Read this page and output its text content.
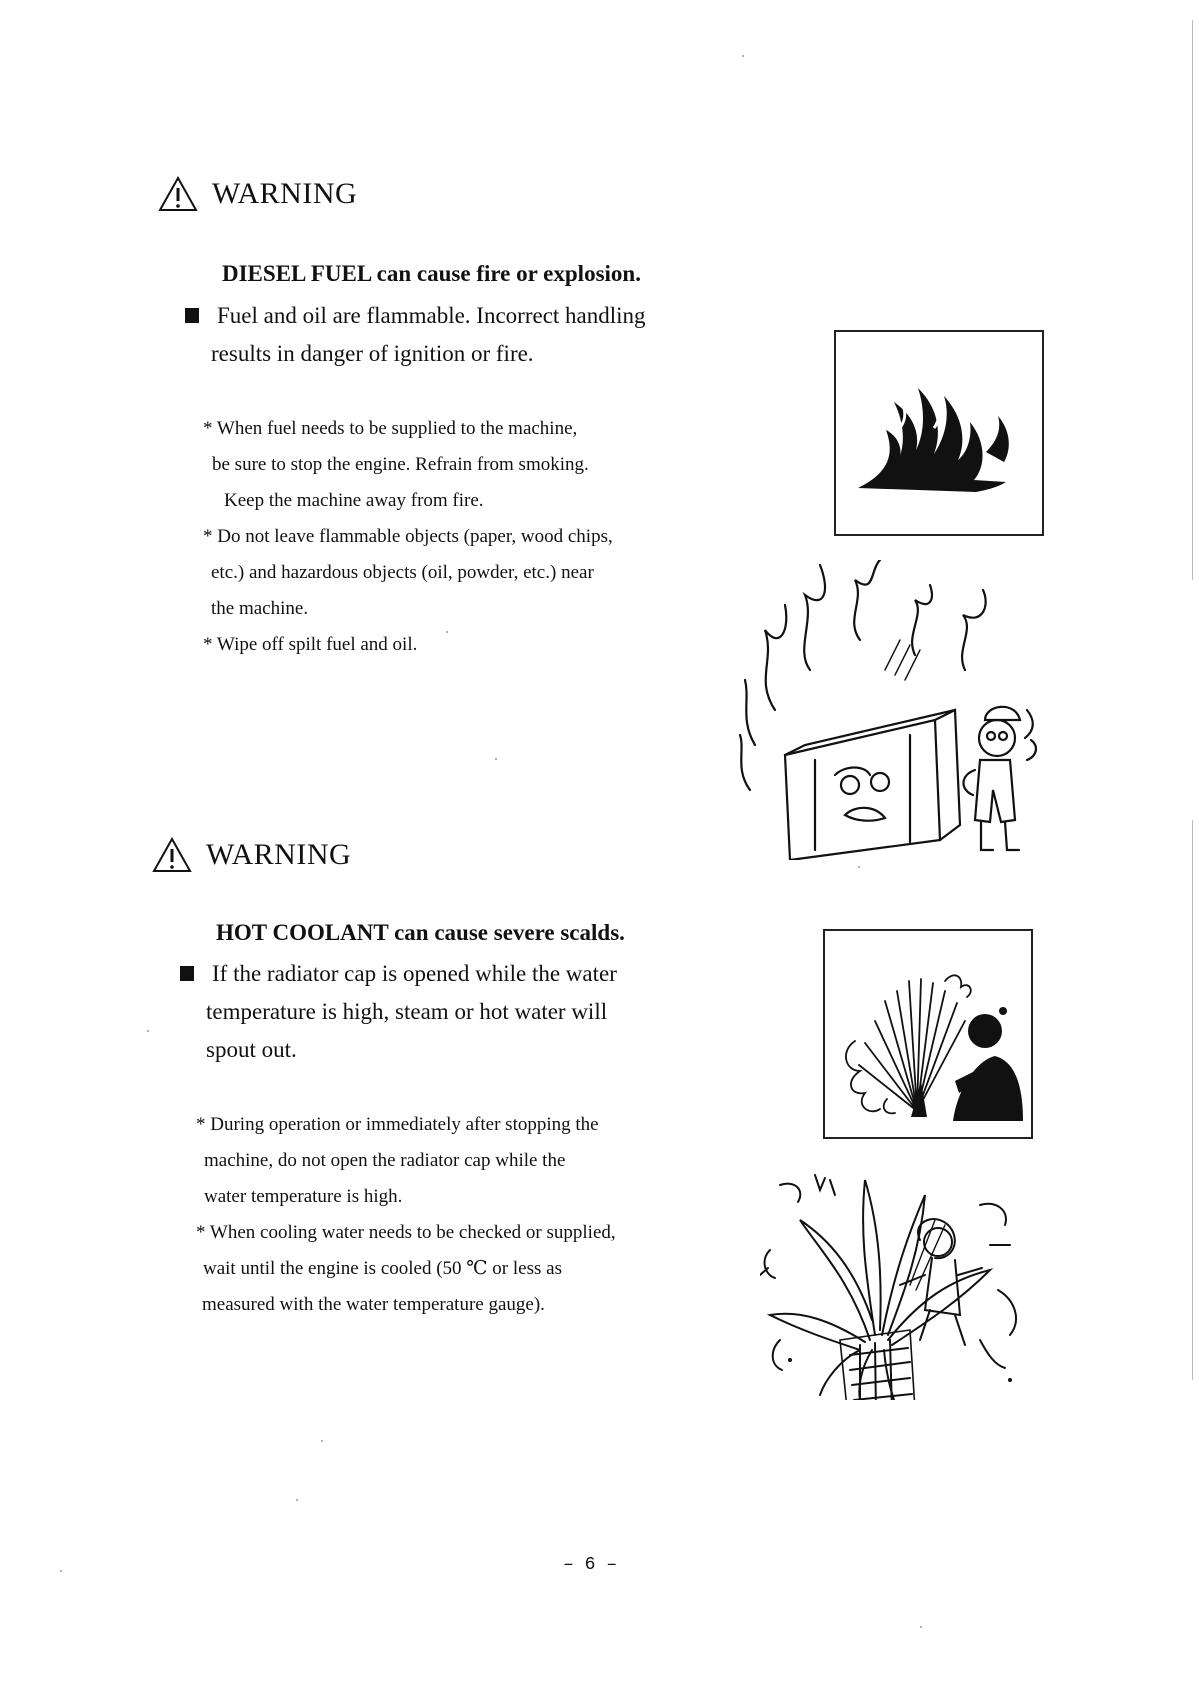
WARNING
DIESEL FUEL can cause fire or explosion.
Fuel and oil are flammable. Incorrect handling
results in danger of ignition or fire.
* When fuel needs to be supplied to the machine,
be sure to stop the engine. Refrain from smoking.
Keep the machine away from fire.
* Do not leave flammable objects (paper, wood chips,
etc.) and hazardous objects (oil, powder, etc.) near
the machine.
* Wipe off spilt fuel and oil.
WARNING
HOT COOLANT can cause severe scalds.
If the radiator cap is opened while the water
temperature is high, steam or hot water will
spout out.
* During operation or immediately after stopping the
machine, do not open the radiator cap while the
water temperature is high.
* When cooling water needs to be checked or supplied,
wait until the engine is cooled (50 ℃ or less as
measured with the water temperature gauge).
– 6 –
